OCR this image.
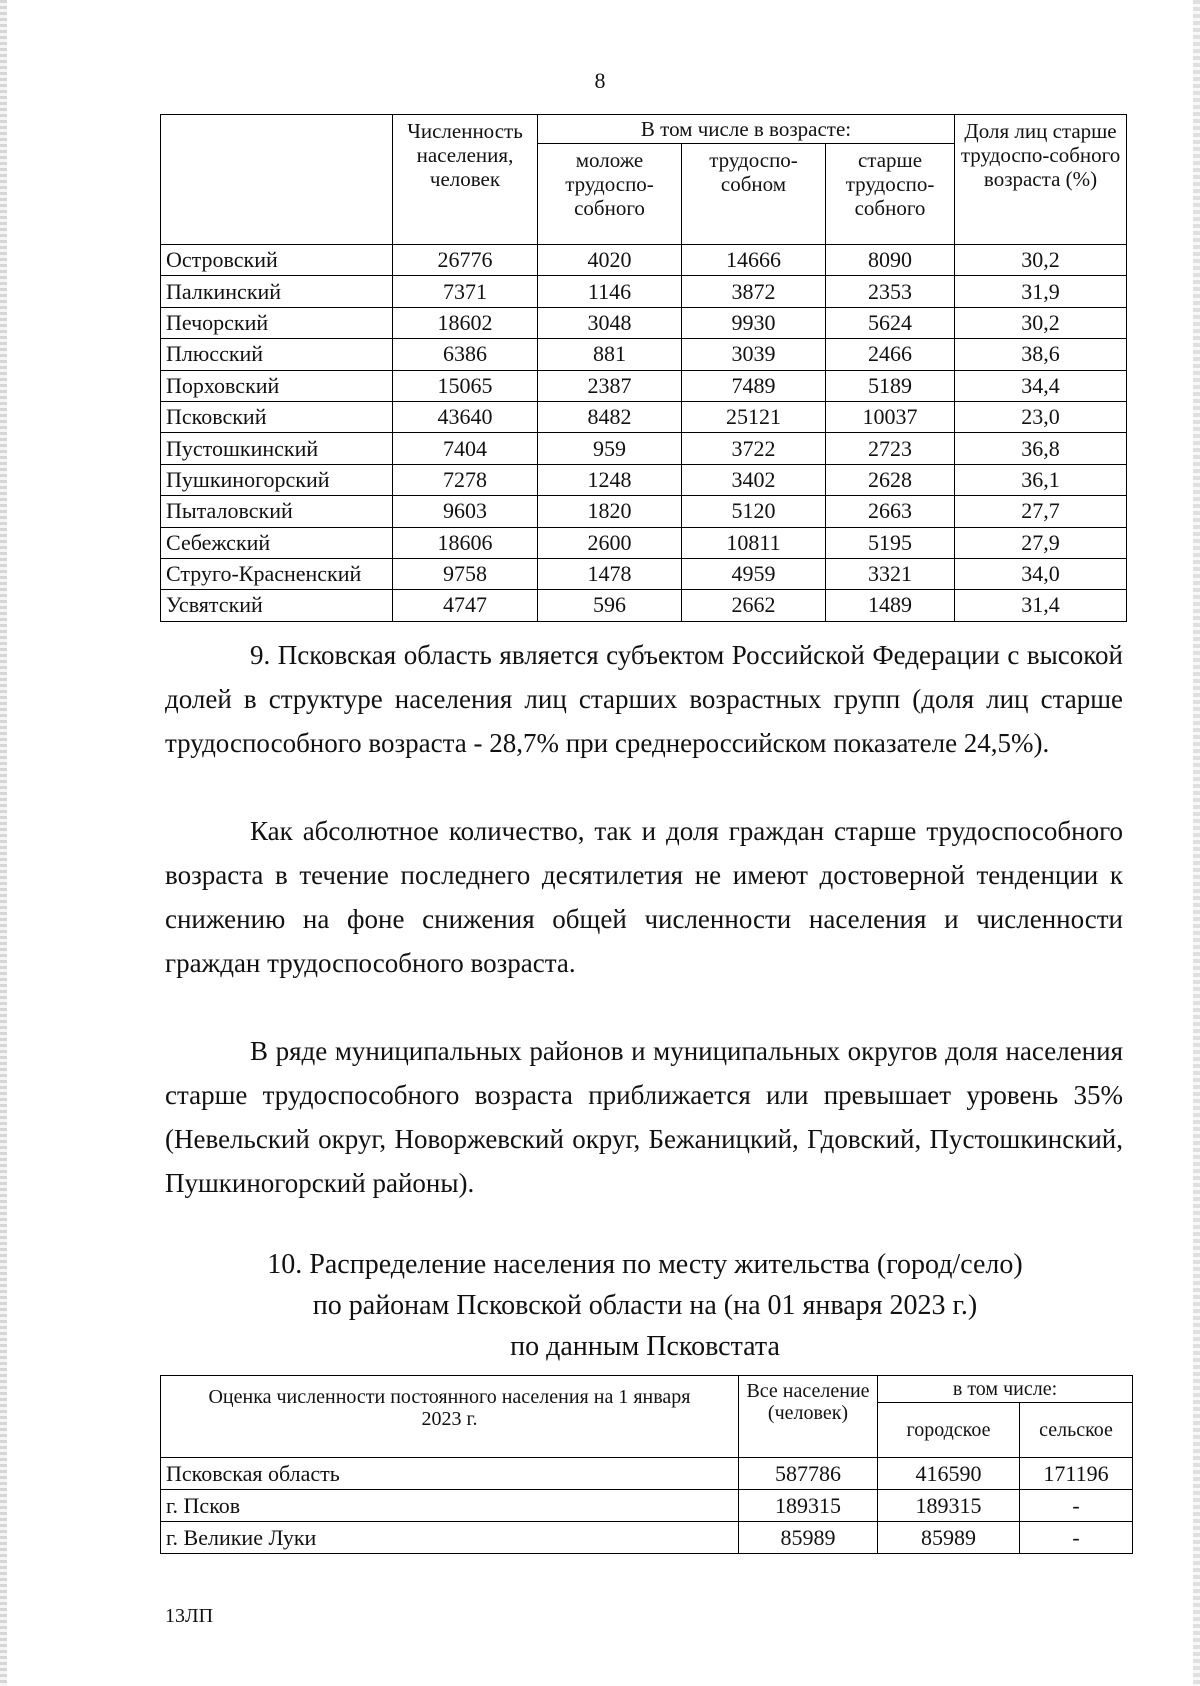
8
	Численность населения, человек	В том числе в возрасте:			Доля лиц старше трудоспо-собного возраста (%)
		моложе трудоспо-собного	трудоспо-собном	старше трудоспо-собного	
Островский	26776	4020	14666	8090	30,2
Палкинский	7371	1146	3872	2353	31,9
Печорский	18602	3048	9930	5624	30,2
Плюсский	6386	881	3039	2466	38,6
Порховский	15065	2387	7489	5189	34,4
Псковский	43640	8482	25121	10037	23,0
Пустошкинский	7404	959	3722	2723	36,8
Пушкиногорский	7278	1248	3402	2628	36,1
Пыталовский	9603	1820	5120	2663	27,7
Себежский	18606	2600	10811	5195	27,9
Струго-Красненский	9758	1478	4959	3321	34,0
Усвятский	4747	596	2662	1489	31,4

9. Псковская область является субъектом Российской Федерации с высокой долей в структуре населения лиц старших возрастных групп (доля лиц старше трудоспособного возраста - 28,7% при среднероссийском показателе 24,5%).

Как абсолютное количество, так и доля граждан старше трудоспособного возраста в течение последнего десятилетия не имеют достоверной тенденции к снижению на фоне снижения общей численности населения и численности граждан трудоспособного возраста.

В ряде муниципальных районов и муниципальных округов доля населения старше трудоспособного возраста приближается или превышает уровень 35% (Невельский округ, Новоржевский округ, Бежаницкий, Гдовский, Пустошкинский, Пушкиногорский районы).

10. Распределение населения по месту жительства (город/село)
по районам Псковской области на (на 01 января 2023 г.)
по данным Псковстата
Оценка численности постоянного населения на 1 января 2023 г.	Все население (человек)	в том числе:	
		городское	сельское
Псковская область	587786	416590	171196
г. Псков	189315	189315	-
г. Великие Луки	85989	85989	-
13ЛП
